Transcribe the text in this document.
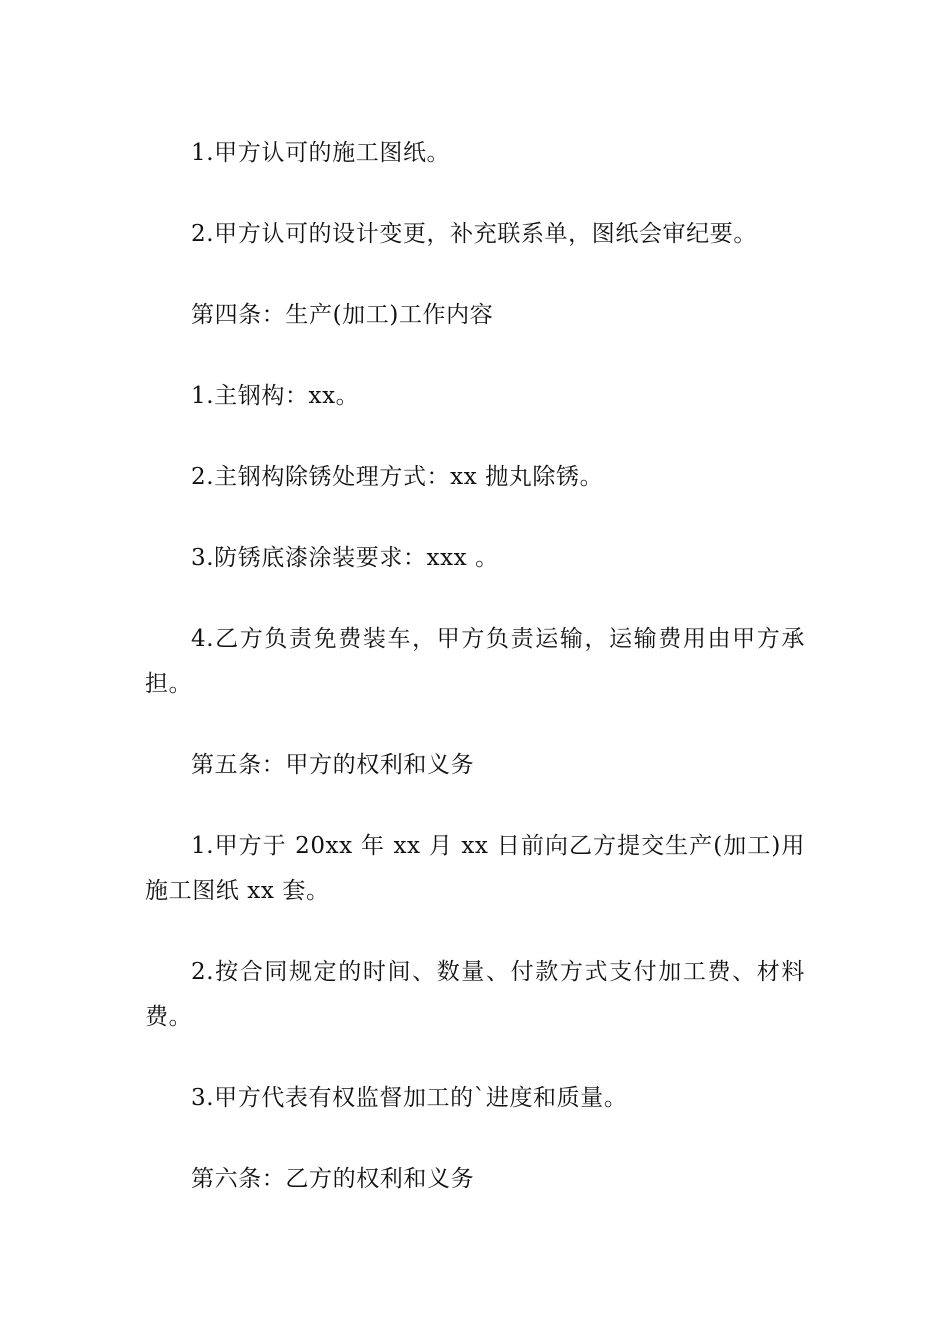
1.甲方认可的施工图纸。

2.甲方认可的设计变更，补充联系单，图纸会审纪要。

第四条：生产(加工)工作内容

1.主钢构：xx。

2.主钢构除锈处理方式：xx 抛丸除锈。

3.防锈底漆涂装要求：xxx 。

4.乙方负责免费装车，甲方负责运输，运输费用由甲方承担。

第五条：甲方的权利和义务

1.甲方于 20xx 年 xx 月 xx 日前向乙方提交生产(加工)用施工图纸 xx 套。

2.按合同规定的时间、数量、付款方式支付加工费、材料费。

3.甲方代表有权监督加工的`进度和质量。

第六条：乙方的权利和义务
